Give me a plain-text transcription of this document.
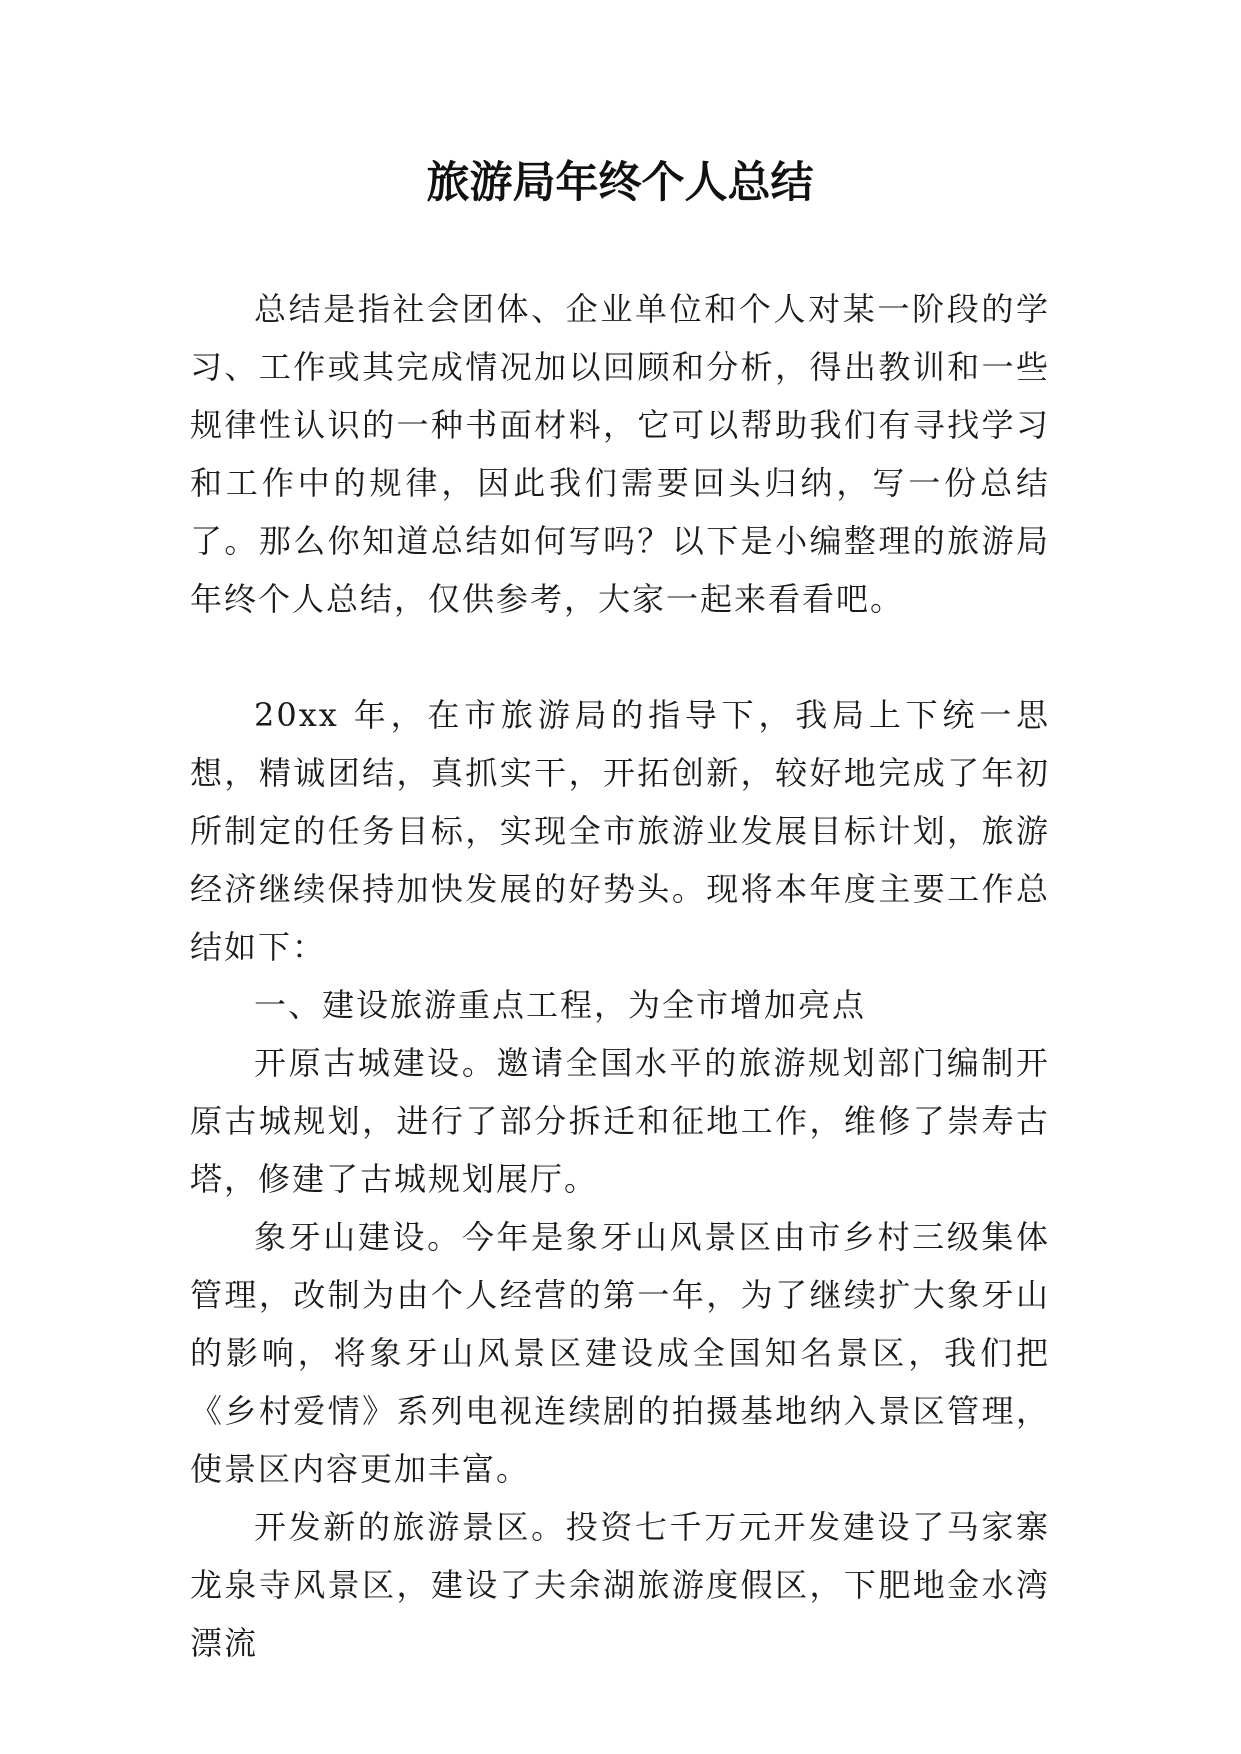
旅游局年终个人总结

总结是指社会团体、企业单位和个人对某一阶段的学习、工作或其完成情况加以回顾和分析，得出教训和一些规律性认识的一种书面材料，它可以帮助我们有寻找学习和工作中的规律，因此我们需要回头归纳，写一份总结了。那么你知道总结如何写吗？以下是小编整理的旅游局年终个人总结，仅供参考，大家一起来看看吧。

20xx 年，在市旅游局的指导下，我局上下统一思想，精诚团结，真抓实干，开拓创新，较好地完成了年初所制定的任务目标，实现全市旅游业发展目标计划，旅游经济继续保持加快发展的好势头。现将本年度主要工作总结如下：

一、建设旅游重点工程，为全市增加亮点

开原古城建设。邀请全国水平的旅游规划部门编制开原古城规划，进行了部分拆迁和征地工作，维修了崇寿古塔，修建了古城规划展厅。

象牙山建设。今年是象牙山风景区由市乡村三级集体管理，改制为由个人经营的第一年，为了继续扩大象牙山的影响，将象牙山风景区建设成全国知名景区，我们把《乡村爱情》系列电视连续剧的拍摄基地纳入景区管理，使景区内容更加丰富。

开发新的旅游景区。投资七千万元开发建设了马家寨龙泉寺风景区，建设了夫余湖旅游度假区，下肥地金水湾漂流
